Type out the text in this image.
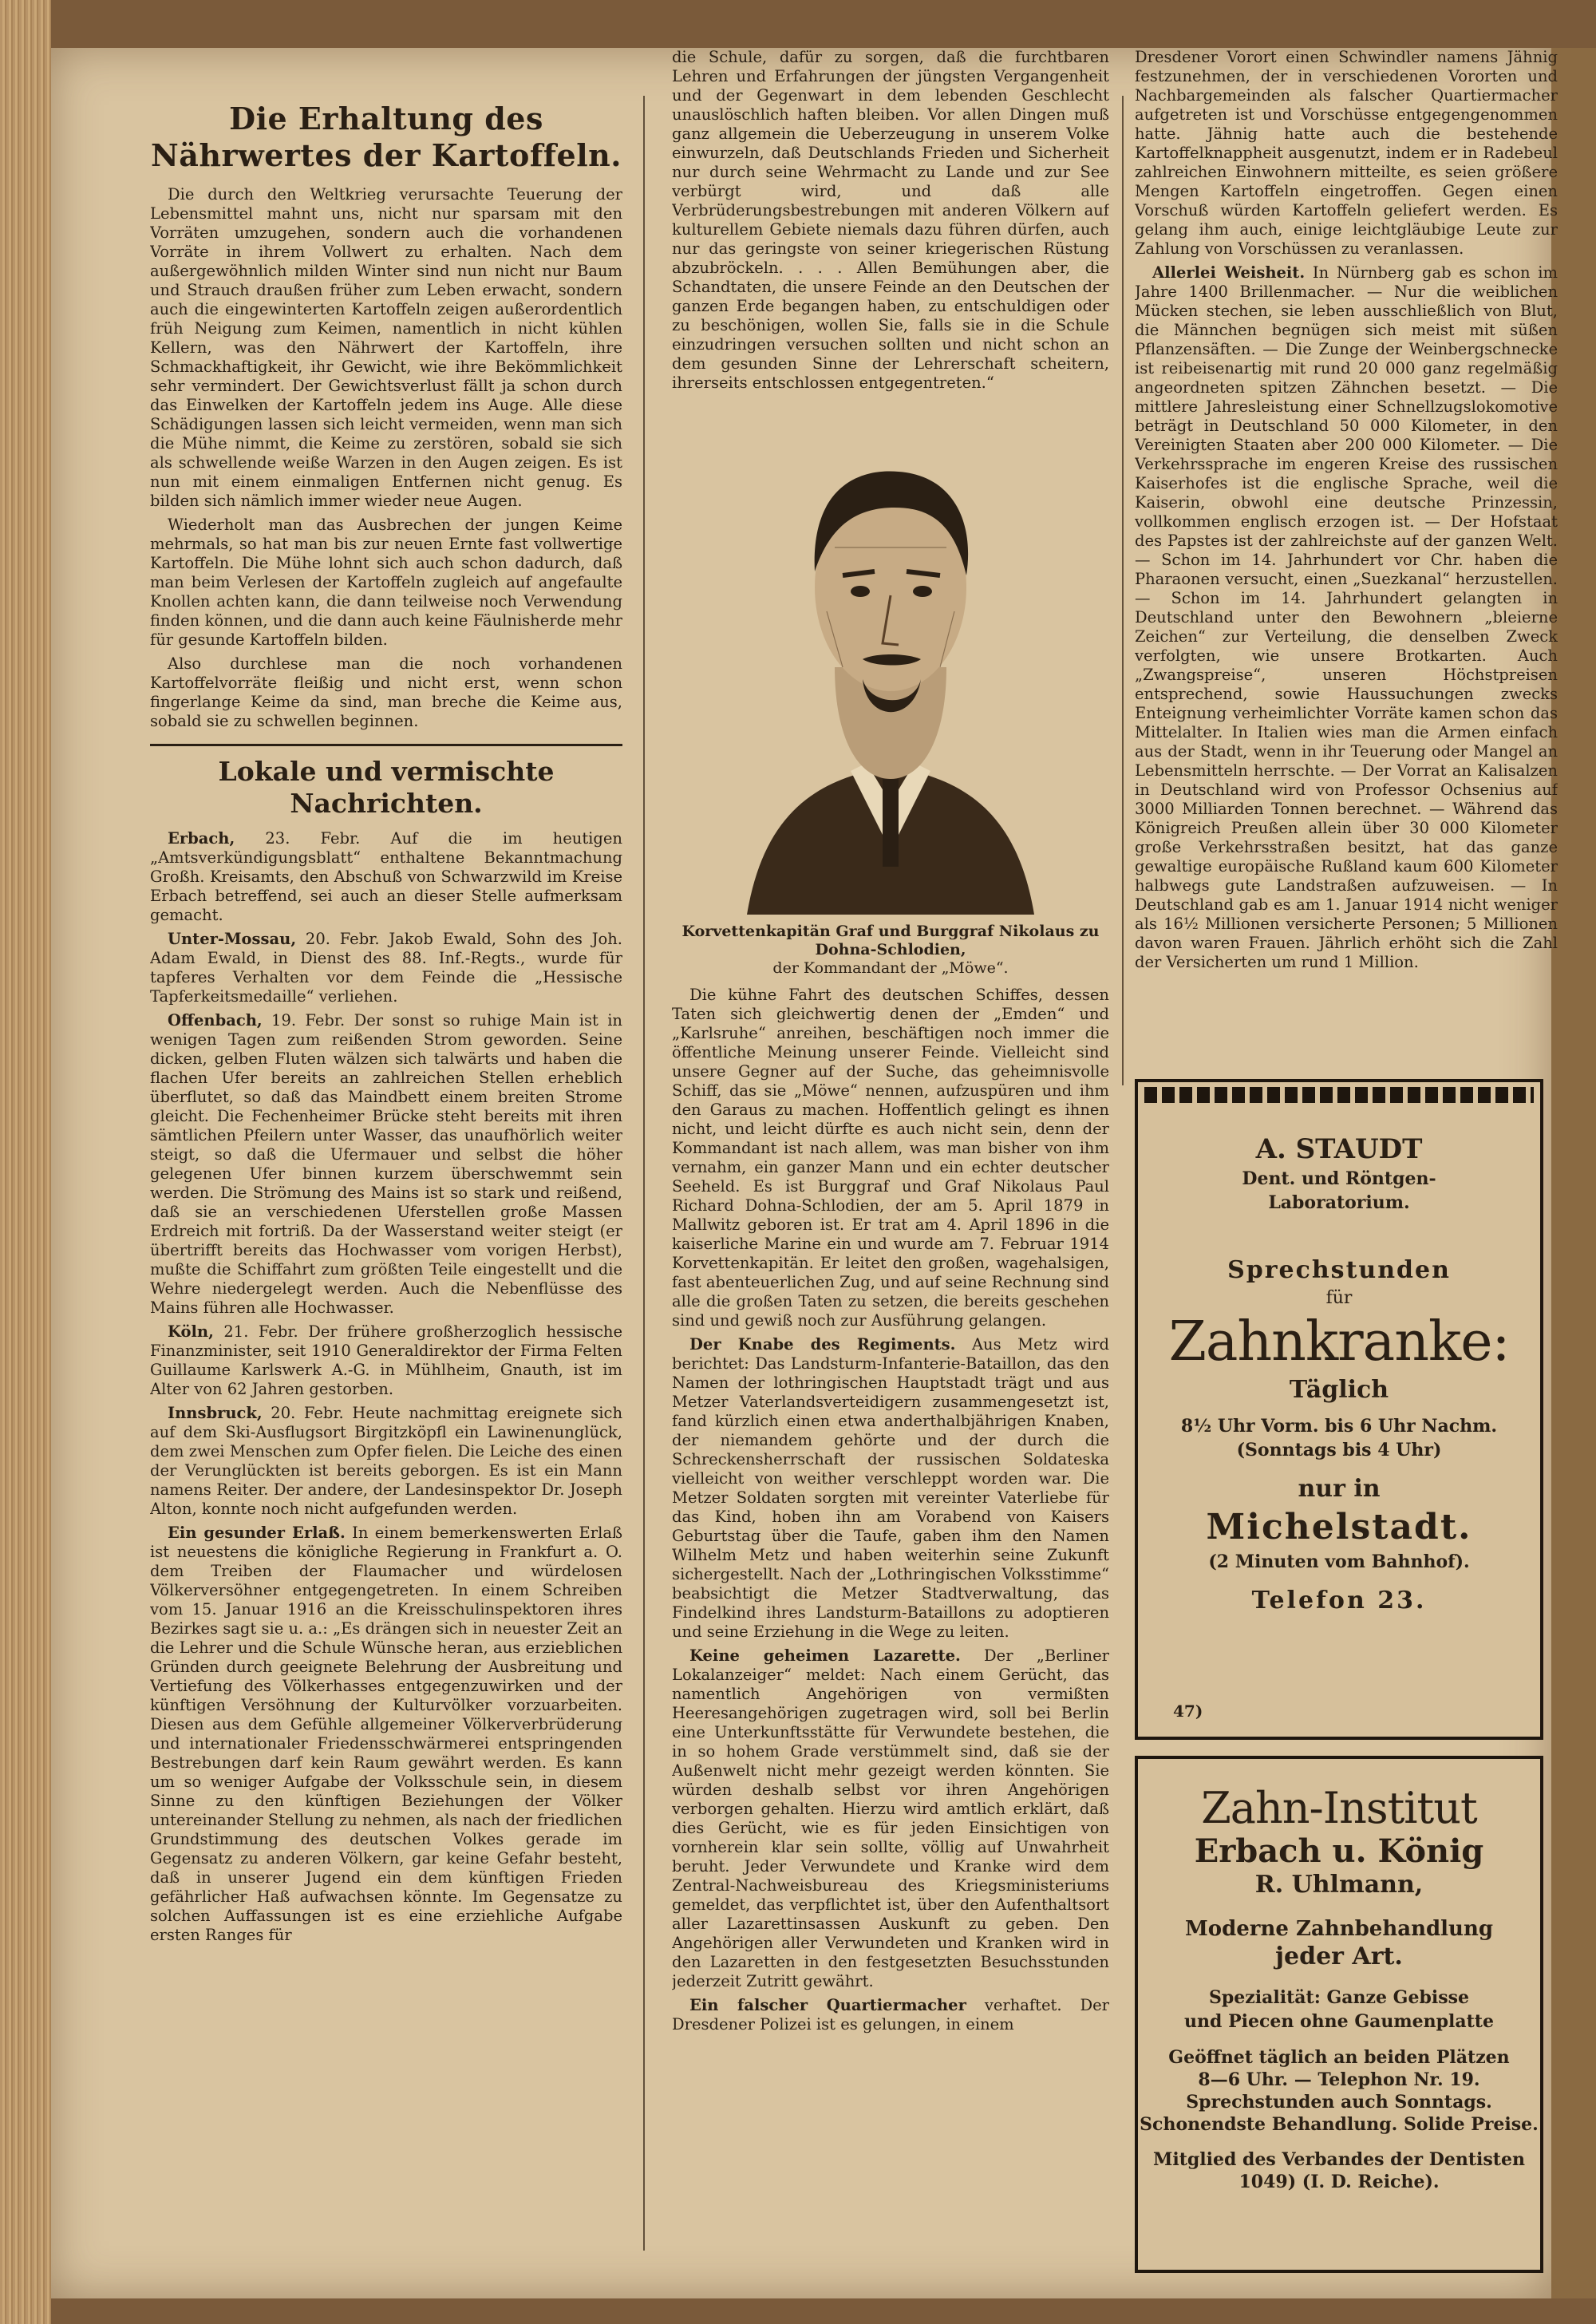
Die Erhaltung des Nährwertes der Kartoffeln.

Die durch den Weltkrieg verursachte Teuerung der Lebensmittel mahnt uns, nicht nur sparsam mit den Vorräten umzugehen, sondern auch die vorhandenen Vorräte in ihrem Vollwert zu erhalten. Nach dem außergewöhnlich milden Winter sind nun nicht nur Baum und Strauch draußen früher zum Leben erwacht, sondern auch die eingewinterten Kartoffeln zeigen außerordentlich früh Neigung zum Keimen, namentlich in nicht kühlen Kellern, was den Nährwert der Kartoffeln, ihre Schmackhaftigkeit, ihr Gewicht, wie ihre Bekömmlichkeit sehr vermindert. Der Gewichtsverlust fällt ja schon durch das Einwelken der Kartoffeln jedem ins Auge. Alle diese Schädigungen lassen sich leicht vermeiden, wenn man sich die Mühe nimmt, die Keime zu zerstören, sobald sie sich als schwellende weiße Warzen in den Augen zeigen. Es ist nun mit einem einmaligen Entfernen nicht genug. Es bilden sich nämlich immer wieder neue Augen.

Wiederholt man das Ausbrechen der jungen Keime mehrmals, so hat man bis zur neuen Ernte fast vollwertige Kartoffeln. Die Mühe lohnt sich auch schon dadurch, daß man beim Verlesen der Kartoffeln zugleich auf angefaulte Knollen achten kann, die dann teilweise noch Verwendung finden können, und die dann auch keine Fäulnisherde mehr für gesunde Kartoffeln bilden.

Also durchlese man die noch vorhandenen Kartoffelvorräte fleißig und nicht erst, wenn schon fingerlange Keime da sind, man breche die Keime aus, sobald sie zu schwellen beginnen.

Lokale und vermischte Nachrichten.

Erbach, 23. Febr. Auf die im heutigen „Amtsverkündigungsblatt“ enthaltene Bekanntmachung Großh. Kreisamts, den Abschuß von Schwarzwild im Kreise Erbach betreffend, sei auch an dieser Stelle aufmerksam gemacht.

Unter-Mossau, 20. Febr. Jakob Ewald, Sohn des Joh. Adam Ewald, in Dienst des 88. Inf.-Regts., wurde für tapferes Verhalten vor dem Feinde die „Hessische Tapferkeitsmedaille“ verliehen.

Offenbach, 19. Febr. Der sonst so ruhige Main ist in wenigen Tagen zum reißenden Strom geworden. Seine dicken, gelben Fluten wälzen sich talwärts und haben die flachen Ufer bereits an zahlreichen Stellen erheblich überflutet, so daß das Maindbett einem breiten Strome gleicht. Die Fechenheimer Brücke steht bereits mit ihren sämtlichen Pfeilern unter Wasser, das unaufhörlich weiter steigt, so daß die Ufermauer und selbst die höher gelegenen Ufer binnen kurzem überschwemmt sein werden. Die Strömung des Mains ist so stark und reißend, daß sie an verschiedenen Uferstellen große Massen Erdreich mit fortriß. Da der Wasserstand weiter steigt (er übertrifft bereits das Hochwasser vom vorigen Herbst), mußte die Schiffahrt zum größten Teile eingestellt und die Wehre niedergelegt werden. Auch die Nebenflüsse des Mains führen alle Hochwasser.

Köln, 21. Febr. Der frühere großherzoglich hessische Finanzminister, seit 1910 Generaldirektor der Firma Felten Guillaume Karlswerk A.-G. in Mühlheim, Gnauth, ist im Alter von 62 Jahren gestorben.

Innsbruck, 20. Febr. Heute nachmittag ereignete sich auf dem Ski-Ausflugsort Birgitzköpfl ein Lawinenunglück, dem zwei Menschen zum Opfer fielen. Die Leiche des einen der Verunglückten ist bereits geborgen. Es ist ein Mann namens Reiter. Der andere, der Landesinspektor Dr. Joseph Alton, konnte noch nicht aufgefunden werden.

Ein gesunder Erlaß. In einem bemerkenswerten Erlaß ist neuestens die königliche Regierung in Frankfurt a. O. dem Treiben der Flaumacher und würdelosen Völkerversöhner entgegengetreten. In einem Schreiben vom 15. Januar 1916 an die Kreisschulinspektoren ihres Bezirkes sagt sie u. a.: „Es drängen sich in neuester Zeit an die Lehrer und die Schule Wünsche heran, aus erzieblichen Gründen durch geeignete Belehrung der Ausbreitung und Vertiefung des Völkerhasses entgegenzuwirken und der künftigen Versöhnung der Kulturvölker vorzuarbeiten. Diesen aus dem Gefühle allgemeiner Völkerverbrüderung und internationaler Friedensschwärmerei entspringenden Bestrebungen darf kein Raum gewährt werden. Es kann um so weniger Aufgabe der Volksschule sein, in diesem Sinne zu den künftigen Beziehungen der Völker untereinander Stellung zu nehmen, als nach der friedlichen Grundstimmung des deutschen Volkes gerade im Gegensatz zu anderen Völkern, gar keine Gefahr besteht, daß in unserer Jugend ein dem künftigen Frieden gefährlicher Haß aufwachsen könnte. Im Gegensatze zu solchen Auffassungen ist es eine erziehliche Aufgabe ersten Ranges für

die Schule, dafür zu sorgen, daß die furchtbaren Lehren und Erfahrungen der jüngsten Vergangenheit und der Gegenwart in dem lebenden Geschlecht unauslöschlich haften bleiben. Vor allen Dingen muß ganz allgemein die Ueberzeugung in unserem Volke einwurzeln, daß Deutschlands Frieden und Sicherheit nur durch seine Wehrmacht zu Lande und zur See verbürgt wird, und daß alle Verbrüderungsbestrebungen mit anderen Völkern auf kulturellem Gebiete niemals dazu führen dürfen, auch nur das geringste von seiner kriegerischen Rüstung abzubröckeln. . . . Allen Bemühungen aber, die Schandtaten, die unsere Feinde an den Deutschen der ganzen Erde begangen haben, zu entschuldigen oder zu beschönigen, wollen Sie, falls sie in die Schule einzudringen versuchen sollten und nicht schon an dem gesunden Sinne der Lehrerschaft scheitern, ihrerseits entschlossen entgegentreten.“

Korvettenkapitän Graf und Burggraf Nikolaus zu Dohna-Schlodien,
der Kommandant der „Möwe“.

Die kühne Fahrt des deutschen Schiffes, dessen Taten sich gleichwertig denen der „Emden“ und „Karlsruhe“ anreihen, beschäftigen noch immer die öffentliche Meinung unserer Feinde. Vielleicht sind unsere Gegner auf der Suche, das geheimnisvolle Schiff, das sie „Möwe“ nennen, aufzuspüren und ihm den Garaus zu machen. Hoffentlich gelingt es ihnen nicht, und leicht dürfte es auch nicht sein, denn der Kommandant ist nach allem, was man bisher von ihm vernahm, ein ganzer Mann und ein echter deutscher Seeheld. Es ist Burggraf und Graf Nikolaus Paul Richard Dohna-Schlodien, der am 5. April 1879 in Mallwitz geboren ist. Er trat am 4. April 1896 in die kaiserliche Marine ein und wurde am 7. Februar 1914 Korvettenkapitän. Er leitet den großen, wagehalsigen, fast abenteuerlichen Zug, und auf seine Rechnung sind alle die großen Taten zu setzen, die bereits geschehen sind und gewiß noch zur Ausführung gelangen.

Der Knabe des Regiments. Aus Metz wird berichtet: Das Landsturm-Infanterie-Bataillon, das den Namen der lothringischen Hauptstadt trägt und aus Metzer Vaterlandsverteidigern zusammengesetzt ist, fand kürzlich einen etwa anderthalbjährigen Knaben, der niemandem gehörte und der durch die Schreckensherrschaft der russischen Soldateska vielleicht von weither verschleppt worden war. Die Metzer Soldaten sorgten mit vereinter Vaterliebe für das Kind, hoben ihn am Vorabend von Kaisers Geburtstag über die Taufe, gaben ihm den Namen Wilhelm Metz und haben weiterhin seine Zukunft sichergestellt. Nach der „Lothringischen Volksstimme“ beabsichtigt die Metzer Stadtverwaltung, das Findelkind ihres Landsturm-Bataillons zu adoptieren und seine Erziehung in die Wege zu leiten.

Keine geheimen Lazarette. Der „Berliner Lokalanzeiger“ meldet: Nach einem Gerücht, das namentlich Angehörigen von vermißten Heeresangehörigen zugetragen wird, soll bei Berlin eine Unterkunftsstätte für Verwundete bestehen, die in so hohem Grade verstümmelt sind, daß sie der Außenwelt nicht mehr gezeigt werden könnten. Sie würden deshalb selbst vor ihren Angehörigen verborgen gehalten. Hierzu wird amtlich erklärt, daß dies Gerücht, wie es für jeden Einsichtigen von vornherein klar sein sollte, völlig auf Unwahrheit beruht. Jeder Verwundete und Kranke wird dem Zentral-Nachweisbureau des Kriegsministeriums gemeldet, das verpflichtet ist, über den Aufenthaltsort aller Lazarettinsassen Auskunft zu geben. Den Angehörigen aller Verwundeten und Kranken wird in den Lazaretten in den festgesetzten Besuchsstunden jederzeit Zutritt gewährt.

Ein falscher Quartiermacher verhaftet. Der Dresdener Polizei ist es gelungen, in einem

Dresdener Vorort einen Schwindler namens Jähnig festzunehmen, der in verschiedenen Vororten und Nachbargemeinden als falscher Quartiermacher aufgetreten ist und Vorschüsse entgegengenommen hatte. Jähnig hatte auch die bestehende Kartoffelknappheit ausgenutzt, indem er in Radebeul zahlreichen Einwohnern mitteilte, es seien größere Mengen Kartoffeln eingetroffen. Gegen einen Vorschuß würden Kartoffeln geliefert werden. Es gelang ihm auch, einige leichtgläubige Leute zur Zahlung von Vorschüssen zu veranlassen.

Allerlei Weisheit. In Nürnberg gab es schon im Jahre 1400 Brillenmacher. — Nur die weiblichen Mücken stechen, sie leben ausschließlich von Blut, die Männchen begnügen sich meist mit süßen Pflanzensäften. — Die Zunge der Weinbergschnecke ist reibeisenartig mit rund 20 000 ganz regelmäßig angeordneten spitzen Zähnchen besetzt. — Die mittlere Jahresleistung einer Schnellzugslokomotive beträgt in Deutschland 50 000 Kilometer, in den Vereinigten Staaten aber 200 000 Kilometer. — Die Verkehrssprache im engeren Kreise des russischen Kaiserhofes ist die englische Sprache, weil die Kaiserin, obwohl eine deutsche Prinzessin, vollkommen englisch erzogen ist. — Der Hofstaat des Papstes ist der zahlreichste auf der ganzen Welt. — Schon im 14. Jahrhundert vor Chr. haben die Pharaonen versucht, einen „Suezkanal“ herzustellen. — Schon im 14. Jahrhundert gelangten in Deutschland unter den Bewohnern „bleierne Zeichen“ zur Verteilung, die denselben Zweck verfolgten, wie unsere Brotkarten. Auch „Zwangspreise“, unseren Höchstpreisen entsprechend, sowie Haussuchungen zwecks Enteignung verheimlichter Vorräte kamen schon das Mittelalter. In Italien wies man die Armen einfach aus der Stadt, wenn in ihr Teuerung oder Mangel an Lebensmitteln herrschte. — Der Vorrat an Kalisalzen in Deutschland wird von Professor Ochsenius auf 3000 Milliarden Tonnen berechnet. — Während das Königreich Preußen allein über 30 000 Kilometer große Verkehrsstraßen besitzt, hat das ganze gewaltige europäische Rußland kaum 600 Kilometer halbwegs gute Landstraßen aufzuweisen. — In Deutschland gab es am 1. Januar 1914 nicht weniger als 16½ Millionen versicherte Personen; 5 Millionen davon waren Frauen. Jährlich erhöht sich die Zahl der Versicherten um rund 1 Million.

A. STAUDT
Dent. und Röntgen-
Laboratorium.
Sprechstunden
für
Zahnkranke:
Täglich
8½ Uhr Vorm. bis 6 Uhr Nachm.
(Sonntags bis 4 Uhr)
nur in
Michelstadt.
(2 Minuten vom Bahnhof).
Telefon 23.
47)
Zahn-Institut
Erbach u. König
R. Uhlmann,
Moderne Zahnbehandlung
jeder Art.
Spezialität: Ganze Gebisse
und Piecen ohne Gaumenplatte
Geöffnet täglich an beiden Plätzen
8—6 Uhr. — Telephon Nr. 19.
Sprechstunden auch Sonntags.
Schonendste Behandlung. Solide Preise.
Mitglied des Verbandes der Dentisten
1049) (I. D. Reiche).
